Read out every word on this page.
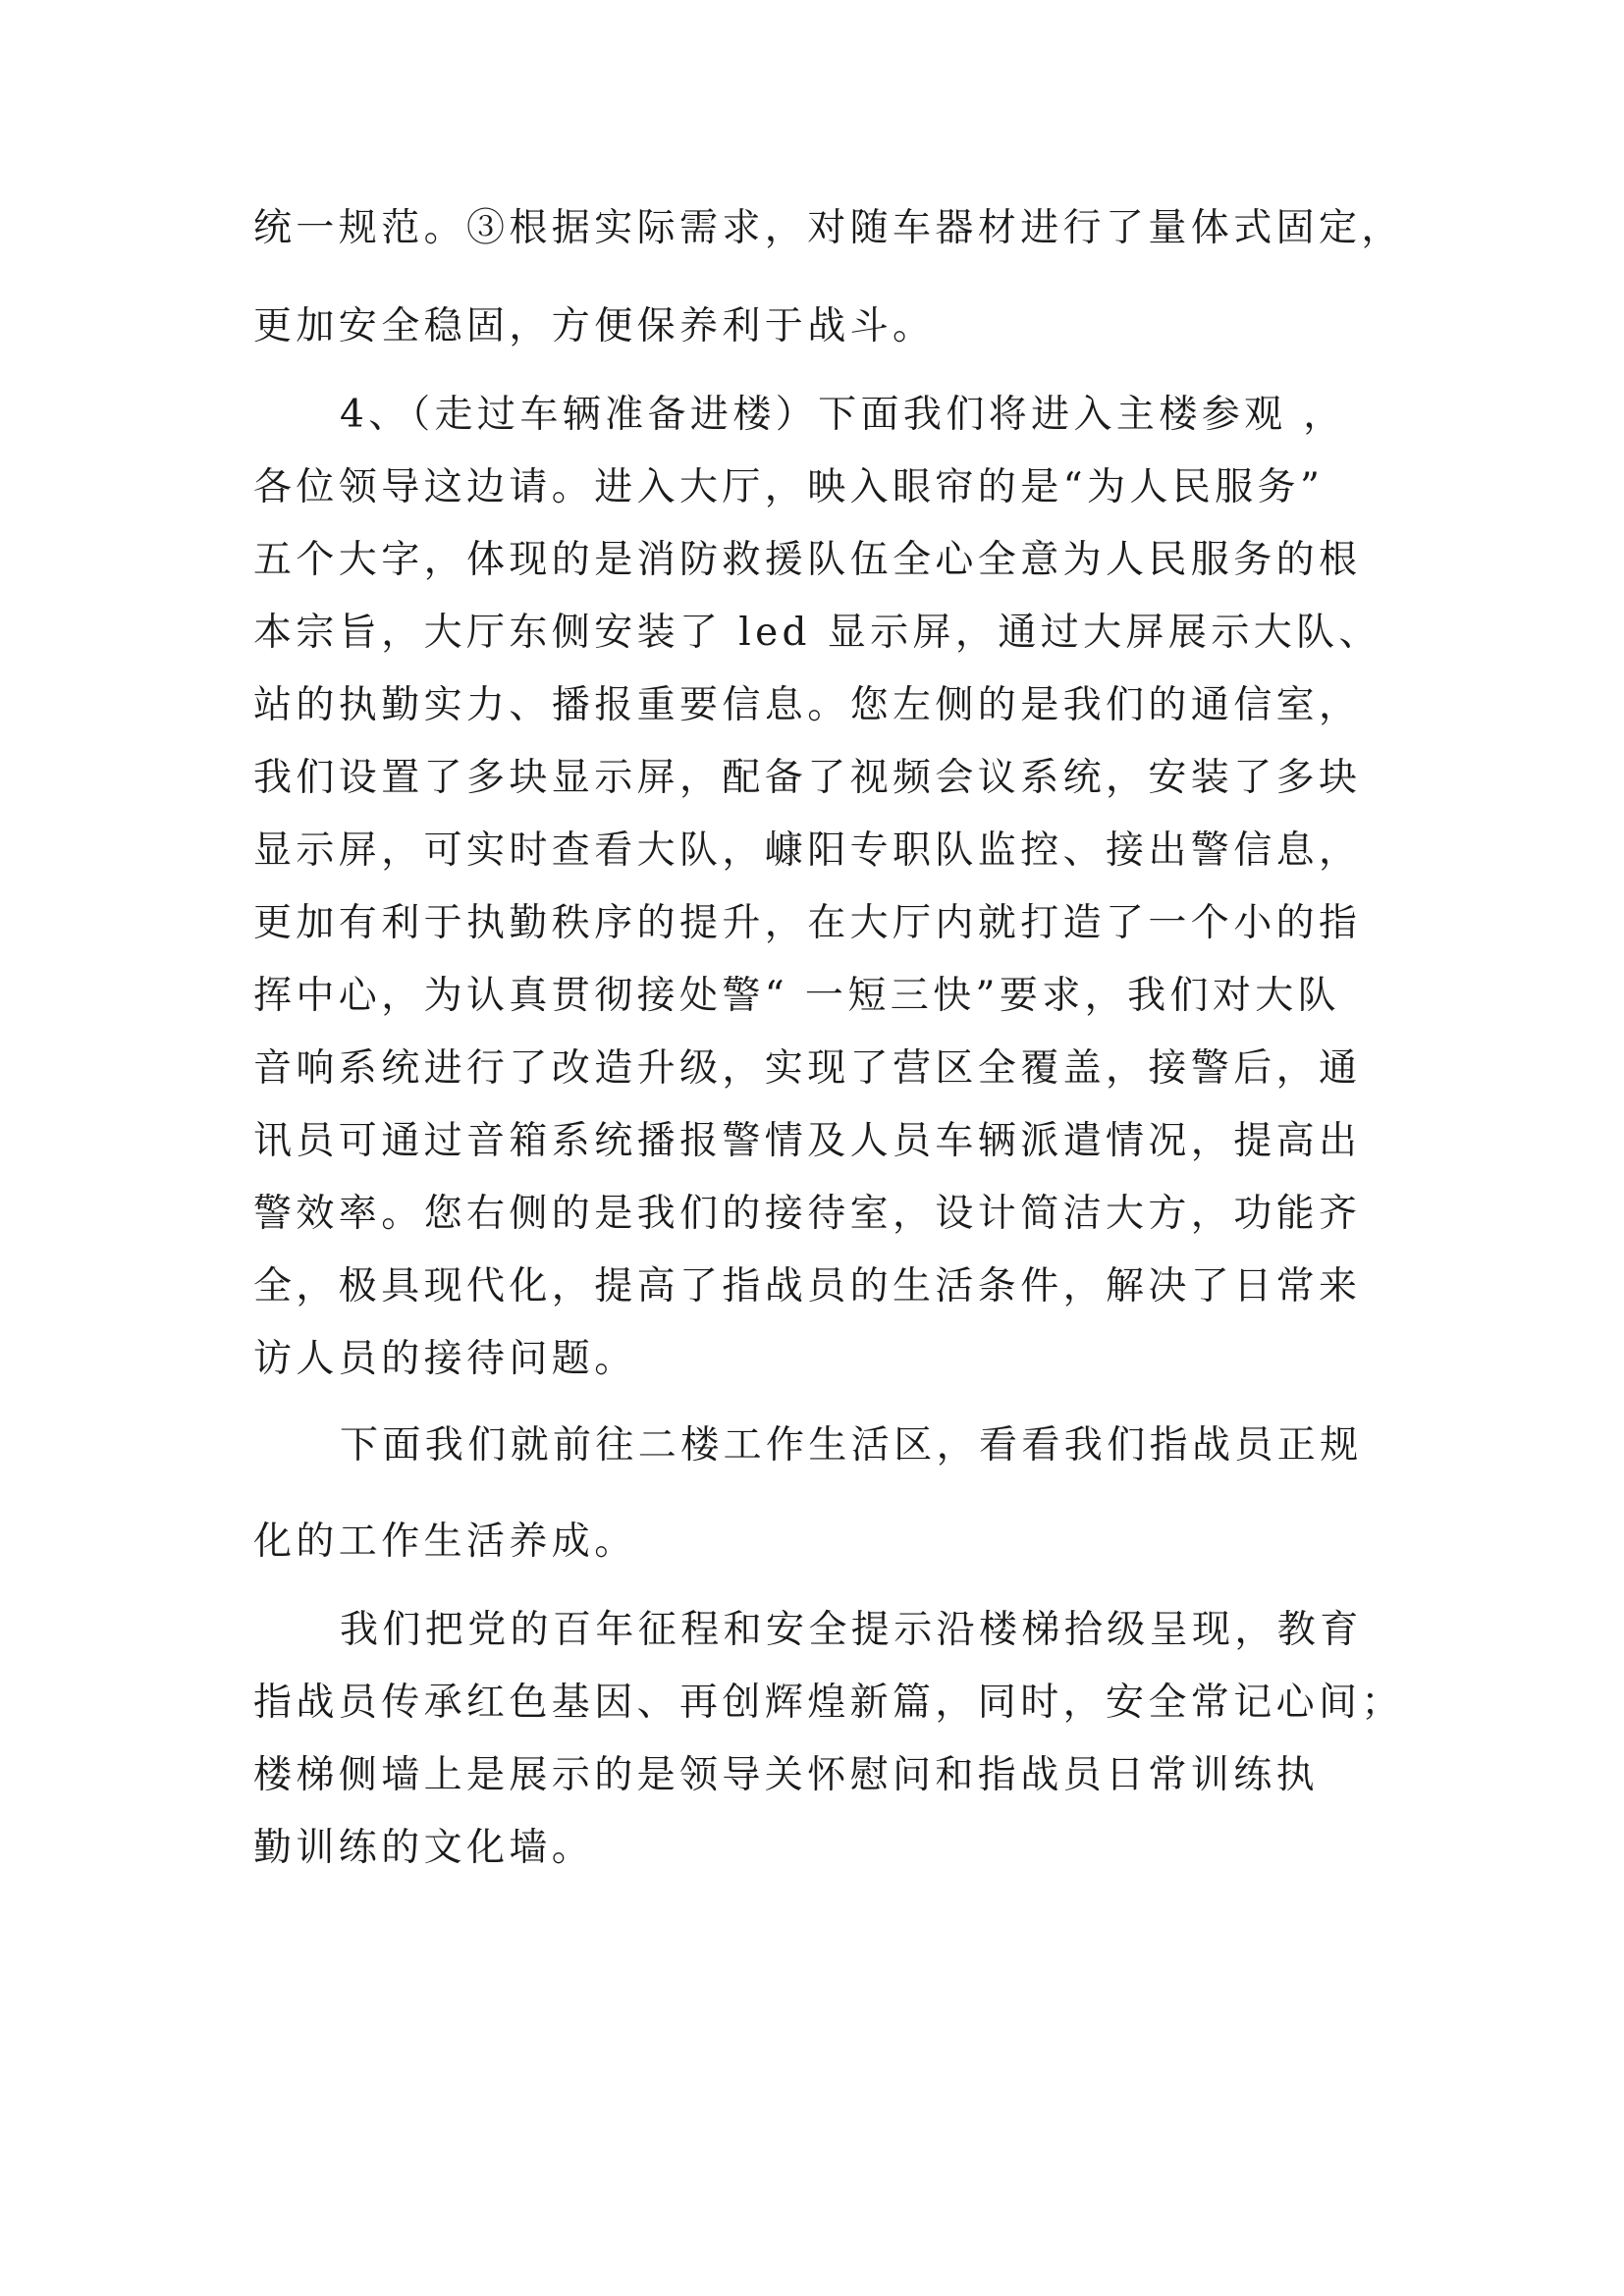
统一规范。③根据实际需求，对随车器材进行了量体式固定，
更加安全稳固，方便保养利于战斗。
4、（走过车辆准备进楼）下面我们将进入主楼参观 ，
各位领导这边请。进入大厅，映入眼帘的是“为人民服务”
五个大字，体现的是消防救援队伍全心全意为人民服务的根
本宗旨，大厅东侧安装了 led 显示屏，通过大屏展示大队、
站的执勤实力、播报重要信息。您左侧的是我们的通信室，
我们设置了多块显示屏，配备了视频会议系统，安装了多块
显示屏，可实时查看大队，嵻阳专职队监控、接出警信息，
更加有利于执勤秩序的提升，在大厅内就打造了一个小的指
挥中心，为认真贯彻接处警“ 一短三快”要求，我们对大队
音响系统进行了改造升级，实现了营区全覆盖，接警后，通
讯员可通过音箱系统播报警情及人员车辆派遣情况，提高出
警效率。您右侧的是我们的接待室，设计简洁大方，功能齐
全，极具现代化，提高了指战员的生活条件，解决了日常来
访人员的接待问题。
下面我们就前往二楼工作生活区，看看我们指战员正规
化的工作生活养成。
我们把党的百年征程和安全提示沿楼梯拾级呈现，教育
指战员传承红色基因、再创辉煌新篇，同时，安全常记心间；
楼梯侧墙上是展示的是领导关怀慰问和指战员日常训练执
勤训练的文化墙。
